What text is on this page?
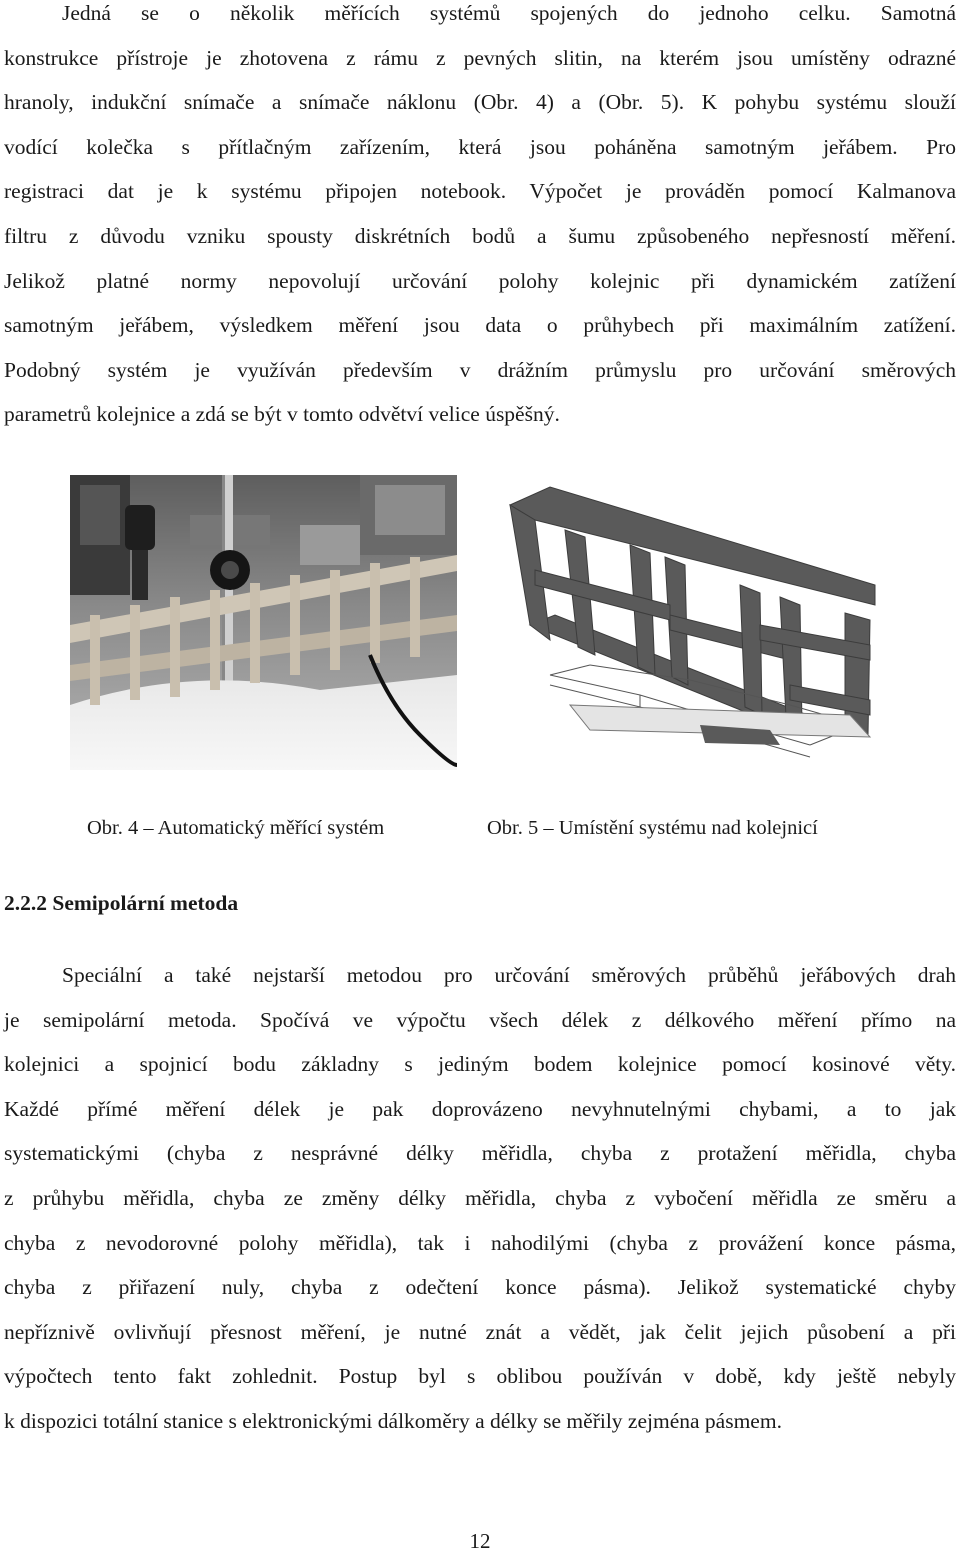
Jedná se o několik měřících systémů spojených do jednoho celku. Samotná
konstrukce přístroje je zhotovena z rámu z pevných slitin, na kterém jsou umístěny odrazné
hranoly, indukční snímače a snímače náklonu (Obr. 4) a (Obr. 5). K pohybu systému slouží
vodící kolečka s přítlačným zařízením, která jsou poháněna samotným jeřábem. Pro
registraci dat je k systému připojen notebook. Výpočet je prováděn pomocí Kalmanova
filtru z důvodu vzniku spousty diskrétních bodů a šumu způsobeného nepřesností měření.
Jelikož platné normy nepovolují určování polohy kolejnic při dynamickém zatížení
samotným jeřábem, výsledkem měření jsou data o průhybech při maximálním zatížení.
Podobný systém je využíván především v drážním průmyslu pro určování směrových
parametrů kolejnice a zdá se být v tomto odvětví velice úspěšný.
Obr. 4 – Automatický měřící systém	Obr. 5 – Umístění systému nad kolejnicí
2.2.2 Semipolární metoda
Speciální a také nejstarší metodou pro určování směrových průběhů jeřábových drah
je semipolární metoda. Spočívá ve výpočtu všech délek z délkového měření přímo na
kolejnici a spojnicí bodu základny s jediným bodem kolejnice pomocí kosinové věty.
Každé přímé měření délek je pak doprovázeno nevyhnutelnými chybami, a to jak
systematickými (chyba z nesprávné délky měřidla, chyba z protažení měřidla, chyba
z průhybu měřidla, chyba ze změny délky měřidla, chyba z vybočení měřidla ze směru a
chyba z nevodorovné polohy měřidla), tak i nahodilými (chyba z provážení konce pásma,
chyba z přiřazení nuly, chyba z odečtení konce pásma). Jelikož systematické chyby
nepříznivě ovlivňují přesnost měření, je nutné znát a vědět, jak čelit jejich působení a při
výpočtech tento fakt zohlednit. Postup byl s oblibou používán v době, kdy ještě nebyly
k dispozici totální stanice s elektronickými dálkoměry a délky se měřily zejména pásmem.
12
